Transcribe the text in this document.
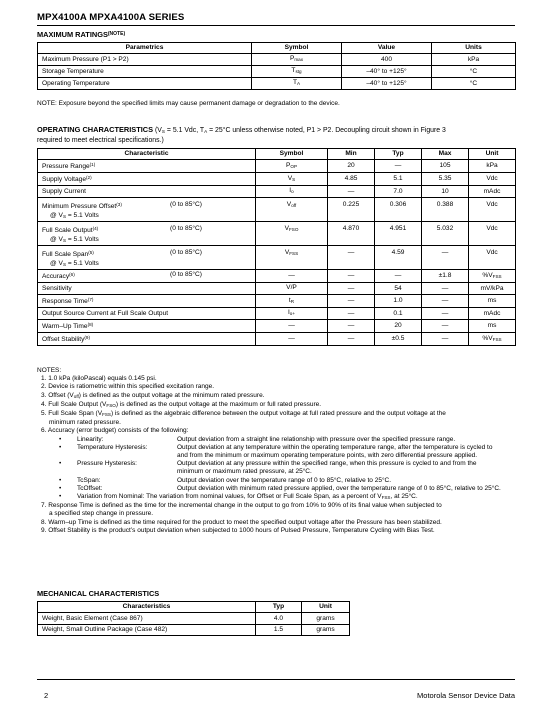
MPX4100A MPXA4100A SERIES
MAXIMUM $RATINGS^{(NOTE)}$
Parametrics	Symbol	Value	Units
Maximum Pressure (P1 > P2)	$P_{max}$	400	kPa
Storage Temperature	$T_{stg}$	–40° to +125°	°C
Operating Temperature	$T_A$	–40° to +125°	°C
NOTE: Exposure beyond the specified limits may cause permanent damage or degradation to the device.
OPERATING CHARACTERISTICS ($V_S = 5.1$ Vdc, $T_A = 25^\circ C$ unless otherwise noted, P1 > P2. Decoupling circuit shown in Figure 3
required to meet electrical specifications.)
Characteristic	Symbol	Min	Typ	Max	Unit
Pressure Range$^{(1)}$	$P_{OP}$	20	—	105	kPa
Supply Voltage$^{(2)}$	$V_S$	4.85	5.1	5.35	Vdc
Supply Current	$I_o$	—	7.0	10	mAdc
Minimum Pressure Offset$^{(3)}$ (0 to 85°C)
@ $V_S = 5.1$ Volts	$V_{off}$	0.225	0.306	0.388	Vdc
Full Scale Output$^{(4)}$ (0 to 85°C)
@ $V_S = 5.1$ Volts	$V_{FSO}$	4.870	4.951	5.032	Vdc
Full Scale Span$^{(5)}$ (0 to 85°C)
@ $V_S = 5.1$ Volts	$V_{FSS}$	—	4.59	—	Vdc
Accuracy$^{(6)}$ (0 to 85°C)	—	—	—	±1.8	$\%V_{FSS}$
Sensitivity	V/P	—	54	—	mV/kPa
Response Time$^{(7)}$	$t_R$	—	1.0	—	ms
Output Source Current at Full Scale Output	$I_{o+}$	—	0.1	—	mAdc
Warm–Up Time$^{(8)}$	—	—	20	—	ms
Offset Stability$^{(9)}$	—	—	±0.5	—	$\%V_{FSS}$
NOTES:
1. 1.0 kPa (kiloPascal) equals 0.145 psi.
2. Device is ratiometric within this specified excitation range.
3. Offset $(V_{off})$ is defined as the output voltage at the minimum rated pressure.
4. Full Scale Output $(V_{FSO})$ is defined as the output voltage at the maximum or full rated pressure.
5. Full Scale Span $(V_{FSS})$ is defined as the algebraic difference between the output voltage at full rated pressure and the output voltage at the
minimum rated pressure.
6. Accuracy (error budget) consists of the following:
• Linearity:	Output deviation from a straight line relationship with pressure over the specified pressure range.
• Temperature Hysteresis:	Output deviation at any temperature within the operating temperature range, after the temperature is cycled to and from the minimum or maximum operating temperature points, with zero differential pressure applied.
• Pressure Hysteresis:	Output deviation at any pressure within the specified range, when this pressure is cycled to and from the minimum or maximum rated pressure, at 25°C.
• TcSpan:	Output deviation over the temperature range of 0 to 85°C, relative to 25°C.
• TcOffset:	Output deviation with minimum rated pressure applied, over the temperature range of 0 to 85°C, relative to 25°C.
• Variation from Nominal: The variation from nominal values, for Offset or Full Scale Span, as a percent of $V_{FSS}$, at 25°C.
7. Response Time is defined as the time for the incremental change in the output to go from 10% to 90% of its final value when subjected to
a specified step change in pressure.
8. Warm–up Time is defined as the time required for the product to meet the specified output voltage after the Pressure has been stabilized.
9. Offset Stability is the product’s output deviation when subjected to 1000 hours of Pulsed Pressure, Temperature Cycling with Bias Test.
MECHANICAL CHARACTERISTICS
Characteristics	Typ	Unit
Weight, Basic Element (Case 867)	4.0	grams
Weight, Small Outline Package (Case 482)	1.5	grams
2	Motorola Sensor Device Data
